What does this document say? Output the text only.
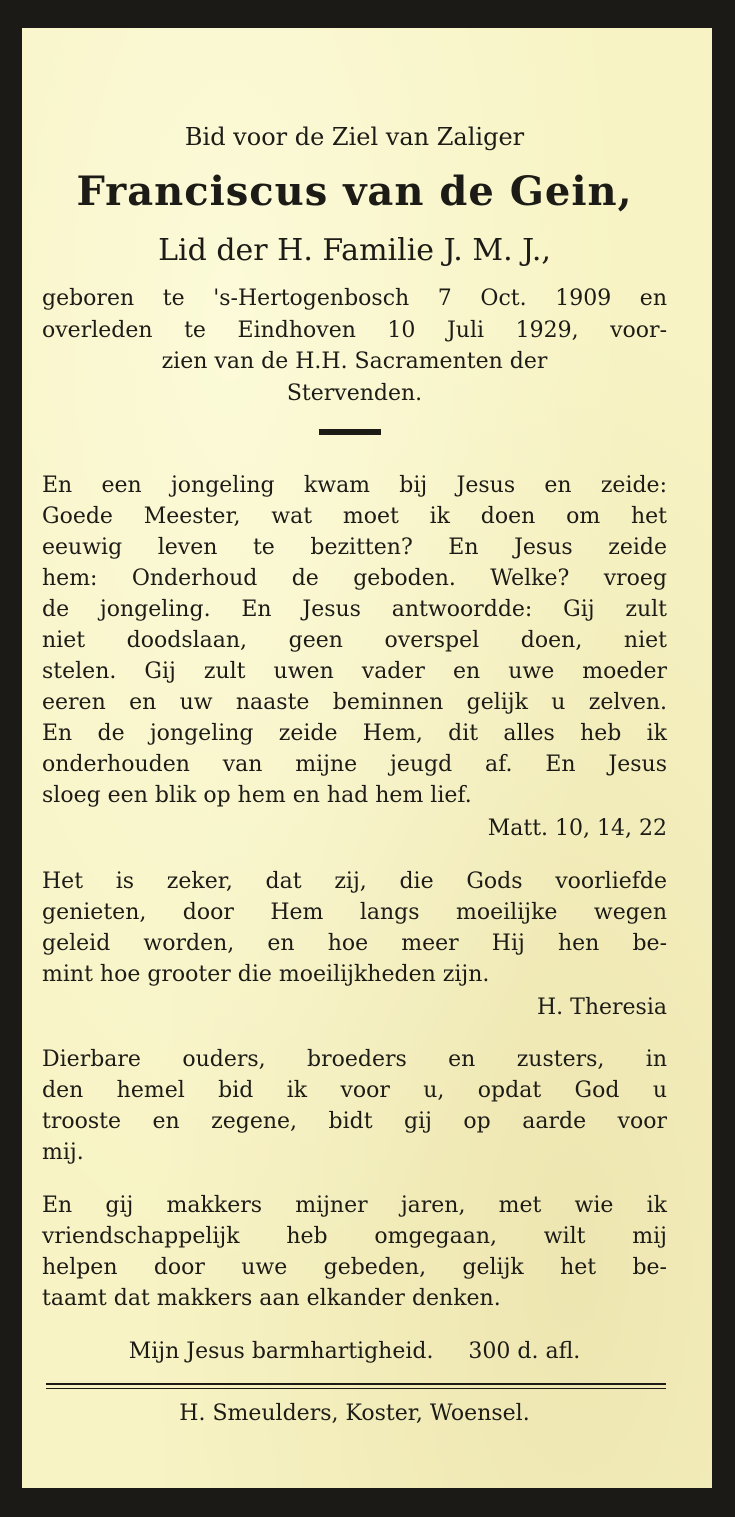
Bid voor de Ziel van Zaliger
Franciscus van de Gein,
Lid der H. Familie J. M. J.,
geboren te 's-Hertogenbosch 7 Oct. 1909 en
overleden te Eindhoven 10 Juli 1929, voor-
zien van de H.H. Sacramenten der
Stervenden.
En een jongeling kwam bij Jesus en zeide:
Goede Meester, wat moet ik doen om het
eeuwig leven te bezitten? En Jesus zeide
hem: Onderhoud de geboden. Welke? vroeg
de jongeling. En Jesus antwoordde: Gij zult
niet doodslaan, geen overspel doen, niet
stelen. Gij zult uwen vader en uwe moeder
eeren en uw naaste beminnen gelijk u zelven.
En de jongeling zeide Hem, dit alles heb ik
onderhouden van mijne jeugd af. En Jesus
sloeg een blik op hem en had hem lief.
Matt. 10, 14, 22
Het is zeker, dat zij, die Gods voorliefde
genieten, door Hem langs moeilijke wegen
geleid worden, en hoe meer Hij hen be-
mint hoe grooter die moeilijkheden zijn.
H. Theresia
Dierbare ouders, broeders en zusters, in
den hemel bid ik voor u, opdat God u
trooste en zegene, bidt gij op aarde voor
mij.
En gij makkers mijner jaren, met wie ik
vriendschappelijk heb omgegaan, wilt mij
helpen door uwe gebeden, gelijk het be-
taamt dat makkers aan elkander denken.
Mijn Jesus barmhartigheid.     300 d. afl.
H. Smeulders, Koster, Woensel.
